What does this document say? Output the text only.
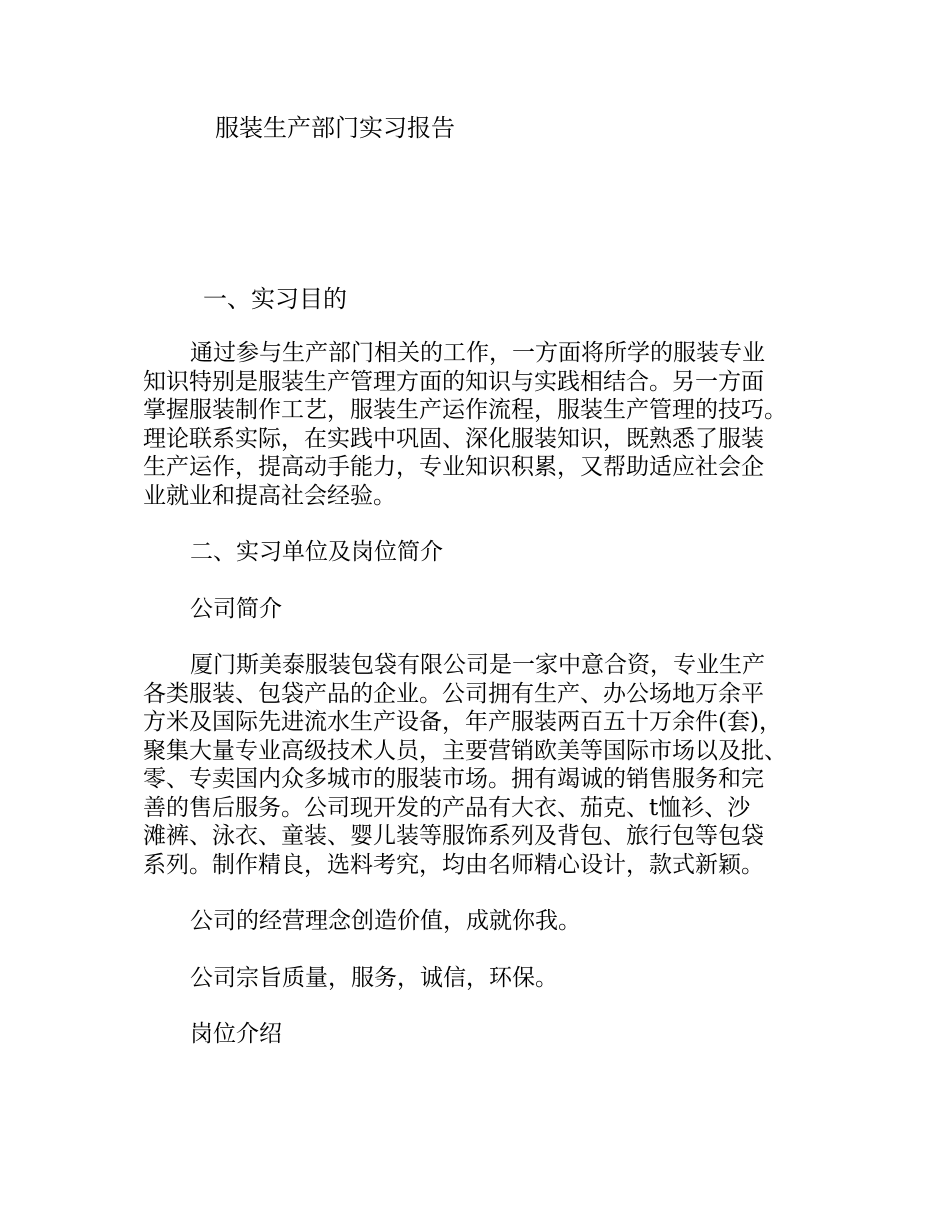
服装生产部门实习报告
一、实习目的
通过参与生产部门相关的工作，一方面将所学的服装专业
知识特别是服装生产管理方面的知识与实践相结合。另一方面
掌握服装制作工艺，服装生产运作流程，服装生产管理的技巧。
理论联系实际，在实践中巩固、深化服装知识，既熟悉了服装
生产运作，提高动手能力，专业知识积累，又帮助适应社会企
业就业和提高社会经验。
二、实习单位及岗位简介
公司简介
厦门斯美泰服装包袋有限公司是一家中意合资，专业生产
各类服装、包袋产品的企业。公司拥有生产、办公场地万余平
方米及国际先进流水生产设备，年产服装两百五十万余件(套)，
聚集大量专业高级技术人员，主要营销欧美等国际市场以及批、
零、专卖国内众多城市的服装市场。拥有竭诚的销售服务和完
善的售后服务。公司现开发的产品有大衣、茄克、t恤衫、沙
滩裤、泳衣、童装、婴儿装等服饰系列及背包、旅行包等包袋
系列。制作精良，选料考究，均由名师精心设计，款式新颖。
公司的经营理念创造价值，成就你我。
公司宗旨质量，服务，诚信，环保。
岗位介绍
